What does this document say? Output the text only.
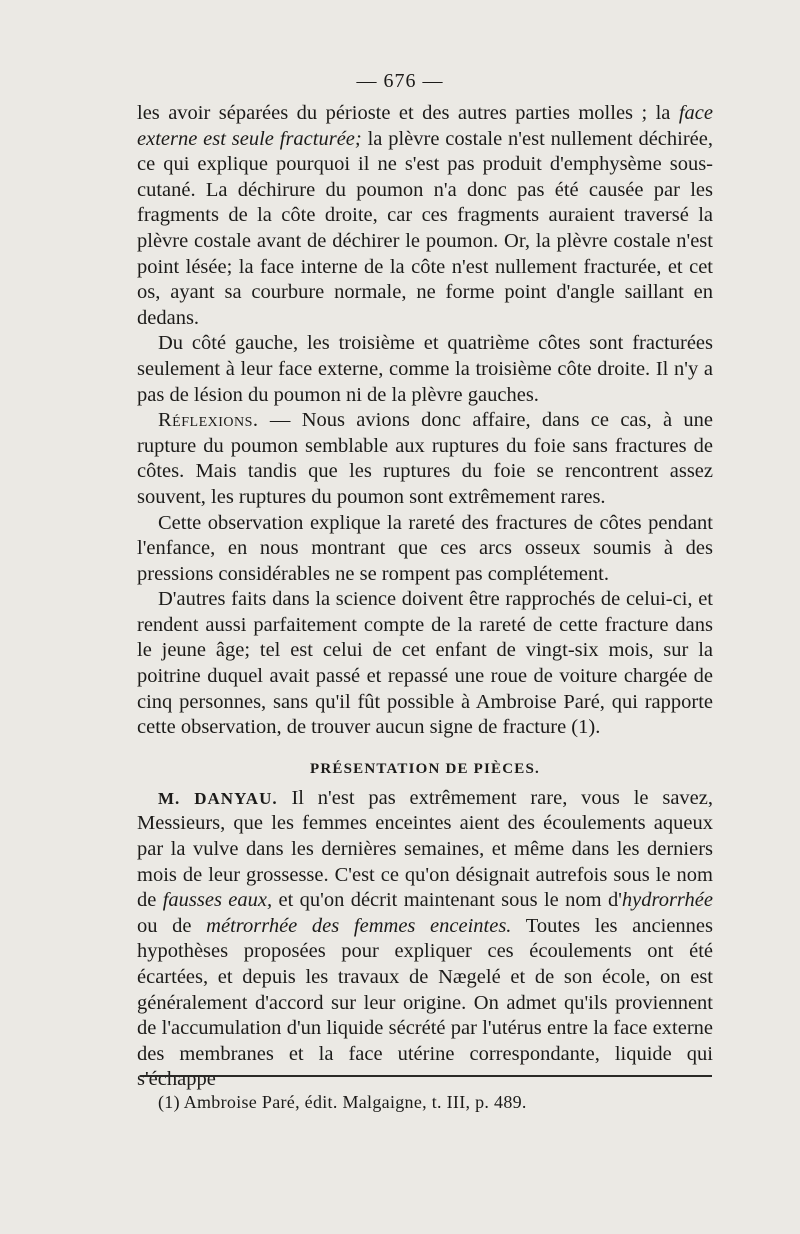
— 676 —

les avoir séparées du périoste et des autres parties molles ; la face externe est seule fracturée; la plèvre costale n'est nullement déchirée, ce qui explique pourquoi il ne s'est pas produit d'emphysème sous-cutané. La déchirure du poumon n'a donc pas été causée par les fragments de la côte droite, car ces fragments auraient traversé la plèvre costale avant de déchirer le poumon. Or, la plèvre costale n'est point lésée; la face interne de la côte n'est nullement fracturée, et cet os, ayant sa courbure normale, ne forme point d'angle saillant en dedans.

Du côté gauche, les troisième et quatrième côtes sont fracturées seulement à leur face externe, comme la troisième côte droite. Il n'y a pas de lésion du poumon ni de la plèvre gauches.

Réflexions. — Nous avions donc affaire, dans ce cas, à une rupture du poumon semblable aux ruptures du foie sans fractures de côtes. Mais tandis que les ruptures du foie se rencontrent assez souvent, les ruptures du poumon sont extrêmement rares.

Cette observation explique la rareté des fractures de côtes pendant l'enfance, en nous montrant que ces arcs osseux soumis à des pressions considérables ne se rompent pas complétement.

D'autres faits dans la science doivent être rapprochés de celui-ci, et rendent aussi parfaitement compte de la rareté de cette fracture dans le jeune âge; tel est celui de cet enfant de vingt-six mois, sur la poitrine duquel avait passé et repassé une roue de voiture chargée de cinq personnes, sans qu'il fût possible à Ambroise Paré, qui rapporte cette observation, de trouver aucun signe de fracture (1).

PRÉSENTATION DE PIÈCES.

M. DANYAU. Il n'est pas extrêmement rare, vous le savez, Messieurs, que les femmes enceintes aient des écoulements aqueux par la vulve dans les dernières semaines, et même dans les derniers mois de leur grossesse. C'est ce qu'on désignait autrefois sous le nom de fausses eaux, et qu'on décrit maintenant sous le nom d'hydrorrhée ou de métrorrhée des femmes enceintes. Toutes les anciennes hypothèses proposées pour expliquer ces écoulements ont été écartées, et depuis les travaux de Nægelé et de son école, on est généralement d'accord sur leur origine. On admet qu'ils proviennent de l'accumulation d'un liquide sécrété par l'utérus entre la face externe des membranes et la face utérine correspondante, liquide qui s'échappe

(1) Ambroise Paré, édit. Malgaigne, t. III, p. 489.
